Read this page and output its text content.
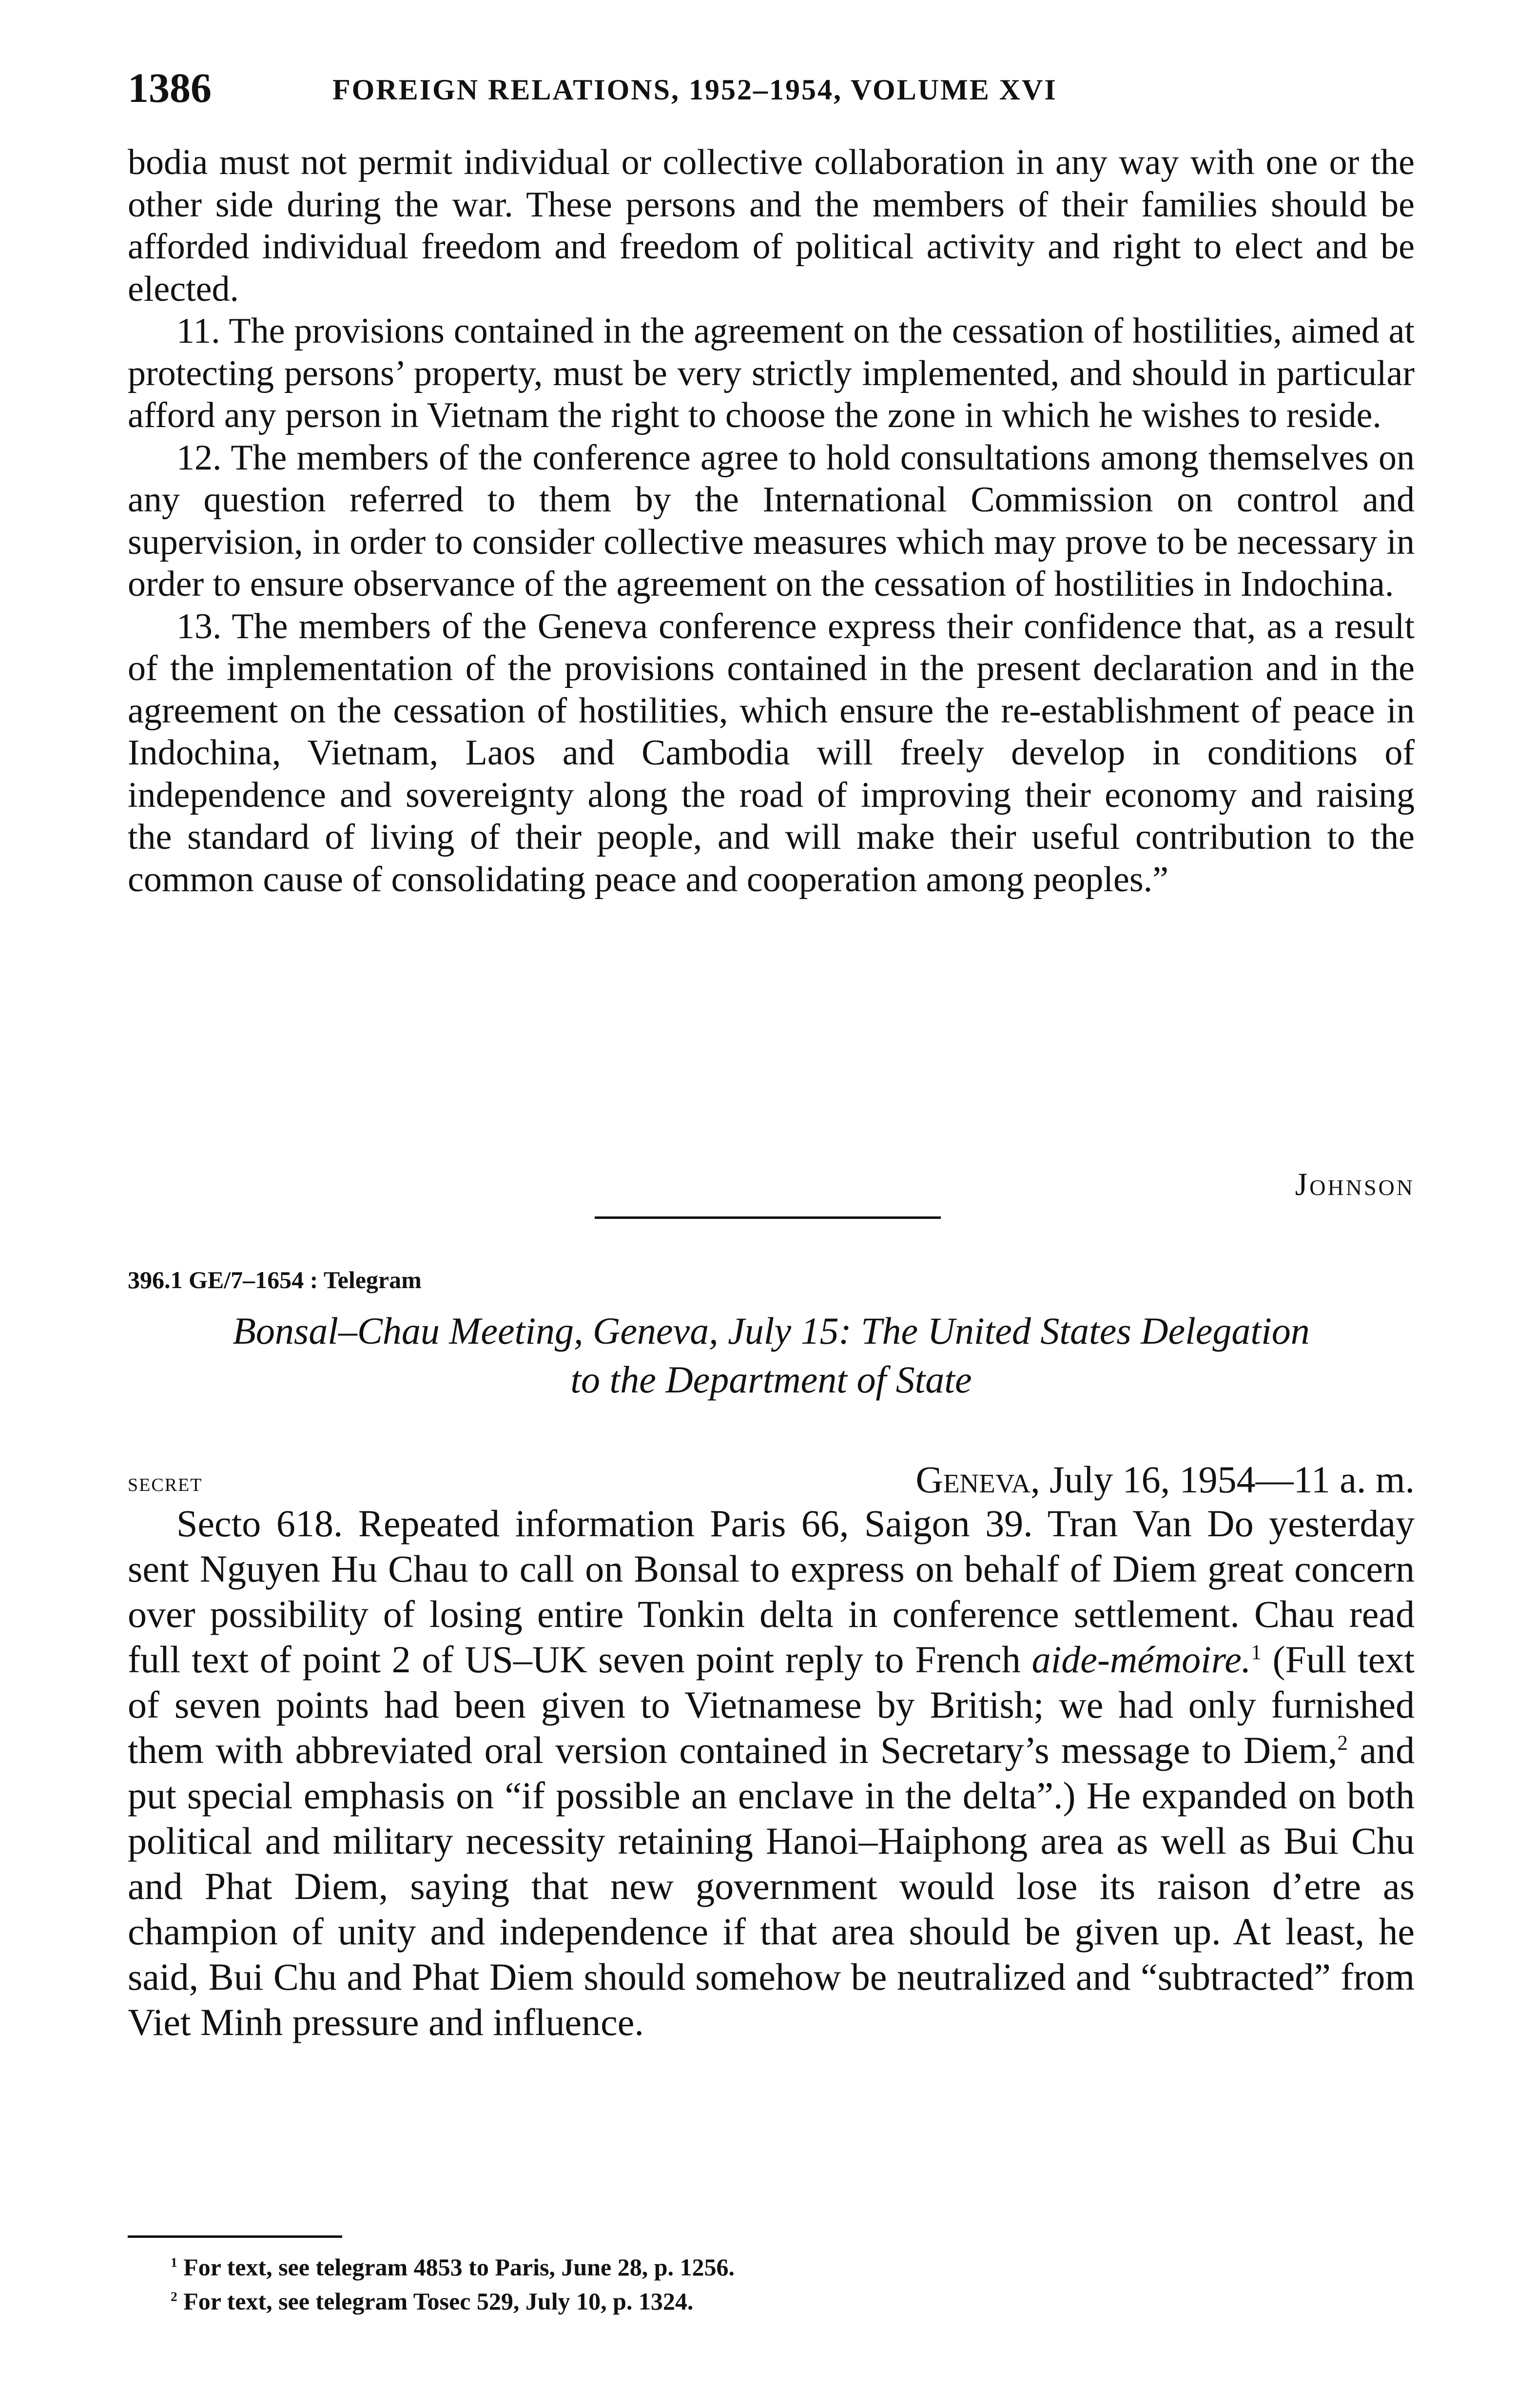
1386	FOREIGN RELATIONS, 1952–1954, VOLUME XVI

bodia must not permit individual or collective collaboration in any way with one or the other side during the war. These persons and the members of their families should be afforded individual freedom and freedom of political activity and right to elect and be elected.

11. The provisions contained in the agreement on the cessation of hostilities, aimed at protecting persons’ property, must be very strictly implemented, and should in particular afford any person in Vietnam the right to choose the zone in which he wishes to reside.

12. The members of the conference agree to hold consultations among themselves on any question referred to them by the International Commission on control and supervision, in order to consider collective measures which may prove to be necessary in order to ensure observance of the agreement on the cessation of hostilities in Indochina.

13. The members of the Geneva conference express their confidence that, as a result of the implementation of the provisions contained in the present declaration and in the agreement on the cessation of hostilities, which ensure the re-establishment of peace in Indochina, Vietnam, Laos and Cambodia will freely develop in conditions of independence and sovereignty along the road of improving their economy and raising the standard of living of their people, and will make their useful contribution to the common cause of consolidating peace and cooperation among peoples.”

Johnson
396.1 GE/7–1654 : Telegram
Bonsal–Chau Meeting, Geneva, July 15: The United States Delegation
to the Department of State
secret	Geneva, July 16, 1954—11 a. m.

Secto 618. Repeated information Paris 66, Saigon 39. Tran Van Do yesterday sent Nguyen Hu Chau to call on Bonsal to express on behalf of Diem great concern over possibility of losing entire Tonkin delta in conference settlement. Chau read full text of point 2 of US–UK seven point reply to French aide-mémoire.$^1$ (Full text of seven points had been given to Vietnamese by British; we had only furnished them with abbreviated oral version contained in Secretary’s message to Diem,$^2$ and put special emphasis on “if possible an enclave in the delta”.) He expanded on both political and military necessity retaining Hanoi–Haiphong area as well as Bui Chu and Phat Diem, saying that new government would lose its raison d’etre as champion of unity and independence if that area should be given up. At least, he said, Bui Chu and Phat Diem should somehow be neutralized and “subtracted” from Viet Minh pressure and influence.

$^1$ For text, see telegram 4853 to Paris, June 28, p. 1256.

$^2$ For text, see telegram Tosec 529, July 10, p. 1324.
